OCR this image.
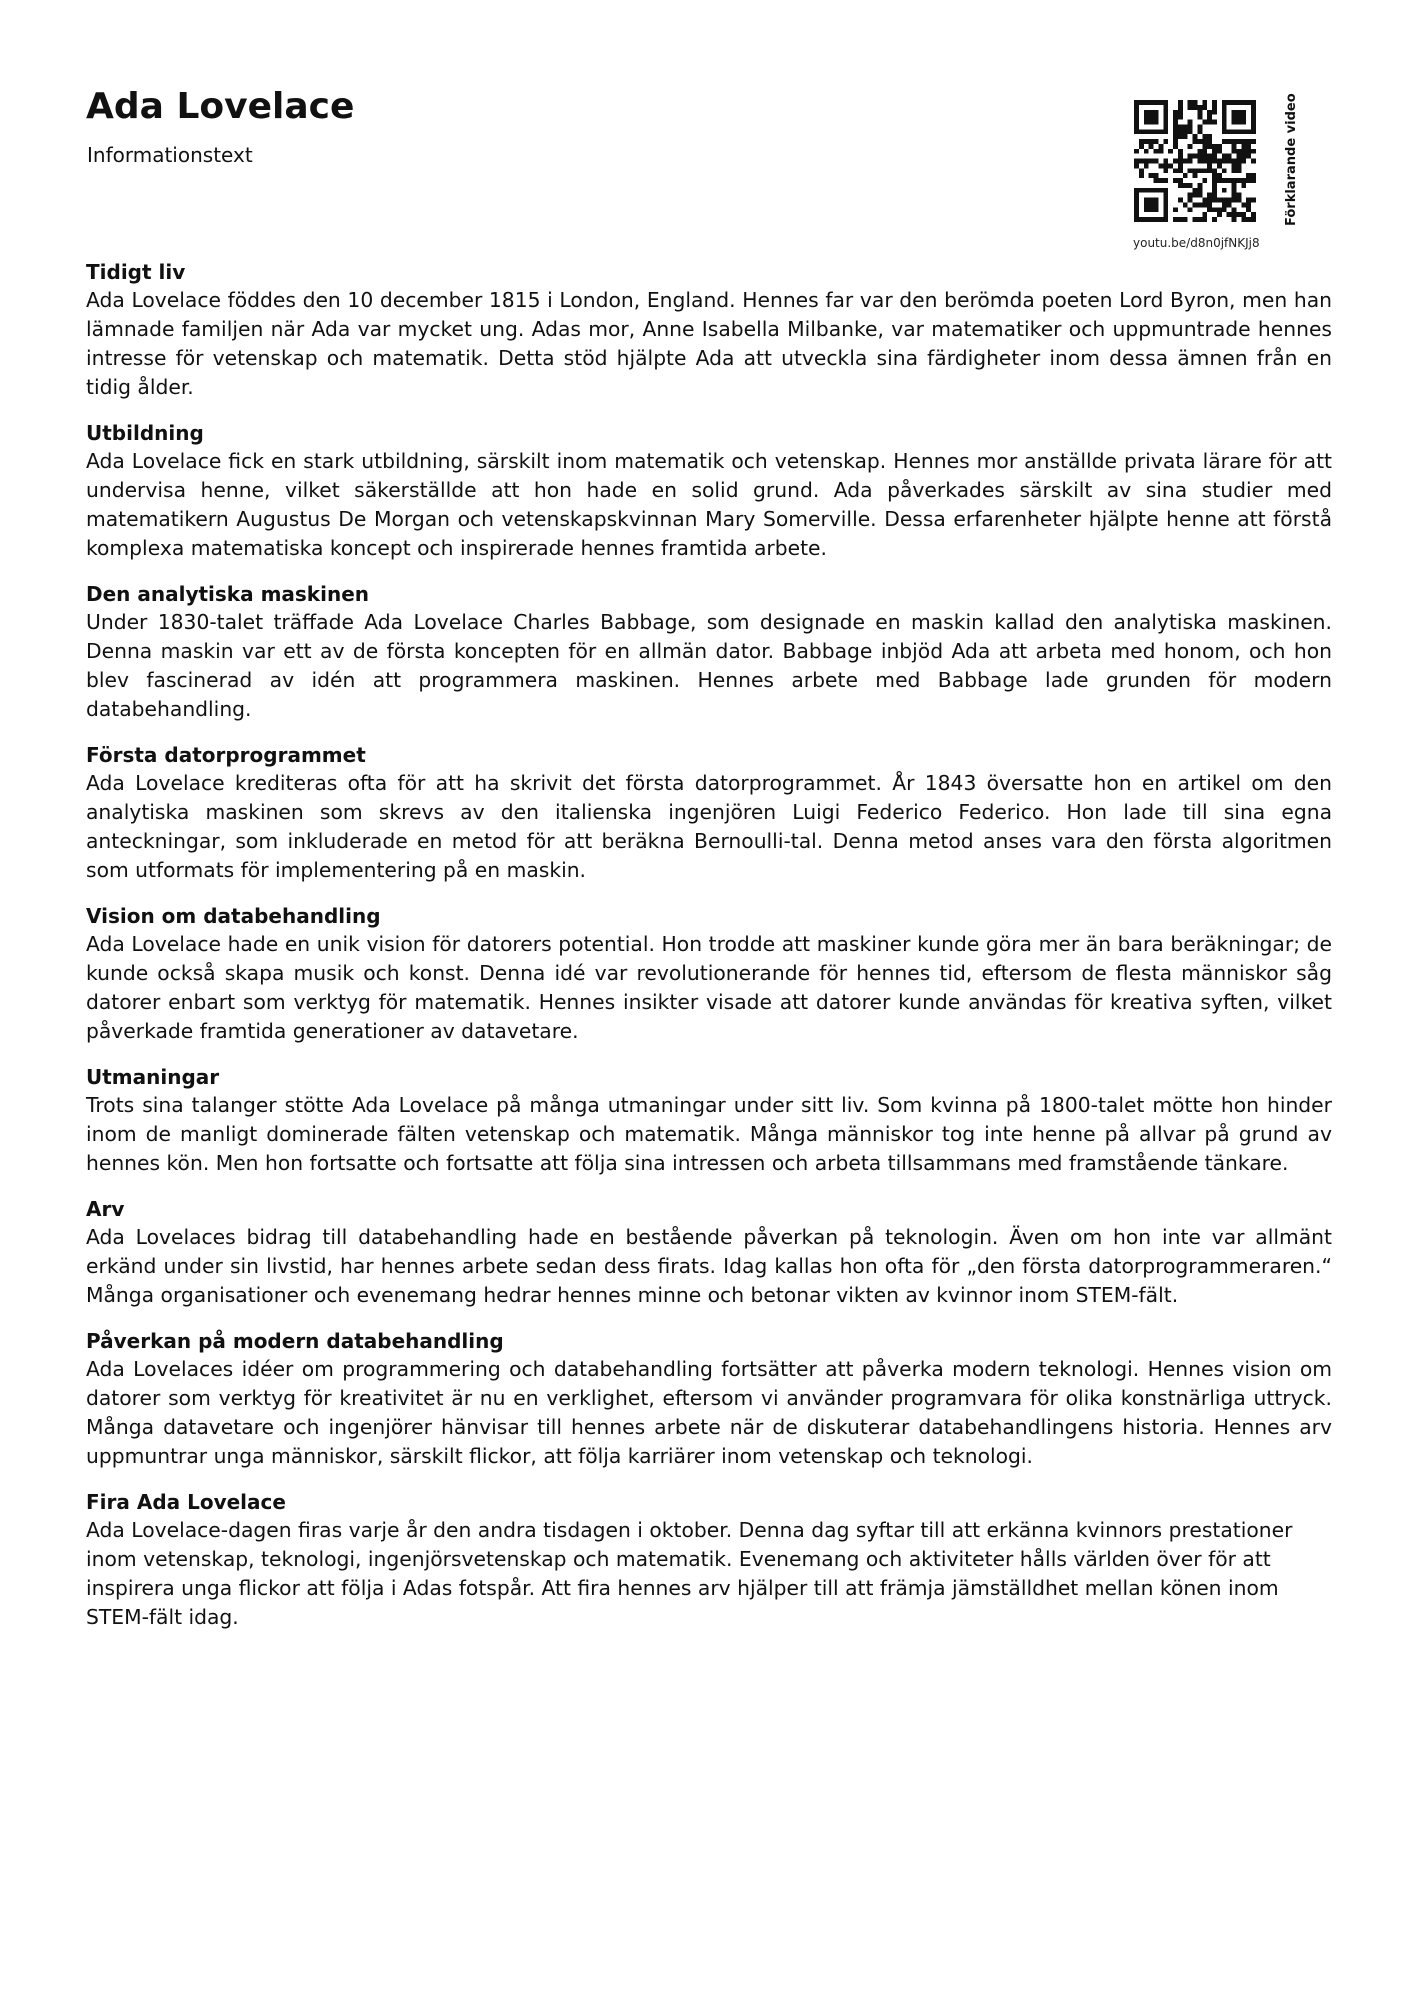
Ada Lovelace
Informationstext	Förklarande video
youtu.be/d8n0jfNKJj8
Tidigt liv

Ada Lovelace föddes den 10 december 1815 i London, England. Hennes far var den berömda poeten Lord Byron, men han lämnade familjen när Ada var mycket ung. Adas mor, Anne Isabella Milbanke, var matematiker och uppmuntrade hennes intresse för vetenskap och matematik. Detta stöd hjälpte Ada att utveckla sina färdigheter inom dessa ämnen från en tidig ålder.

Utbildning

Ada Lovelace fick en stark utbildning, särskilt inom matematik och vetenskap. Hennes mor anställde privata lärare för att undervisa henne, vilket säkerställde att hon hade en solid grund. Ada påverkades särskilt av sina studier med matematikern Augustus De Morgan och vetenskapskvinnan Mary Somerville. Dessa erfarenheter hjälpte henne att förstå komplexa matematiska koncept och inspirerade hennes framtida arbete.

Den analytiska maskinen

Under 1830-talet träffade Ada Lovelace Charles Babbage, som designade en maskin kallad den analytiska maskinen. Denna maskin var ett av de första koncepten för en allmän dator. Babbage inbjöd Ada att arbeta med honom, och hon blev fascinerad av idén att programmera maskinen. Hennes arbete med Babbage lade grunden för modern databehandling.

Första datorprogrammet

Ada Lovelace krediteras ofta för att ha skrivit det första datorprogrammet. År 1843 översatte hon en artikel om den analytiska maskinen som skrevs av den italienska ingenjören Luigi Federico Federico. Hon lade till sina egna anteckningar, som inkluderade en metod för att beräkna Bernoulli-tal. Denna metod anses vara den första algoritmen som utformats för implementering på en maskin.

Vision om databehandling

Ada Lovelace hade en unik vision för datorers potential. Hon trodde att maskiner kunde göra mer än bara beräkningar; de kunde också skapa musik och konst. Denna idé var revolutionerande för hennes tid, eftersom de flesta människor såg datorer enbart som verktyg för matematik. Hennes insikter visade att datorer kunde användas för kreativa syften, vilket påverkade framtida generationer av datavetare.

Utmaningar

Trots sina talanger stötte Ada Lovelace på många utmaningar under sitt liv. Som kvinna på 1800-talet mötte hon hinder inom de manligt dominerade fälten vetenskap och matematik. Många människor tog inte henne på allvar på grund av hennes kön. Men hon fortsatte och fortsatte att följa sina intressen och arbeta tillsammans med framstående tänkare.

Arv

Ada Lovelaces bidrag till databehandling hade en bestående påverkan på teknologin. Även om hon inte var allmänt erkänd under sin livstid, har hennes arbete sedan dess firats. Idag kallas hon ofta för „den första datorprogrammeraren.“ Många organisationer och evenemang hedrar hennes minne och betonar vikten av kvinnor inom STEM-fält.

Påverkan på modern databehandling

Ada Lovelaces idéer om programmering och databehandling fortsätter att påverka modern teknologi. Hennes vision om datorer som verktyg för kreativitet är nu en verklighet, eftersom vi använder programvara för olika konstnärliga uttryck. Många datavetare och ingenjörer hänvisar till hennes arbete när de diskuterar databehandlingens historia. Hennes arv uppmuntrar unga människor, särskilt flickor, att följa karriärer inom vetenskap och teknologi.

Fira Ada Lovelace

Ada Lovelace-dagen firas varje år den andra tisdagen i oktober. Denna dag syftar till att erkänna kvinnors prestationer inom vetenskap, teknologi, ingenjörsvetenskap och matematik. Evenemang och aktiviteter hålls världen över för att inspirera unga flickor att följa i Adas fotspår. Att fira hennes arv hjälper till att främja jämställdhet mellan könen inom STEM-fält idag.
